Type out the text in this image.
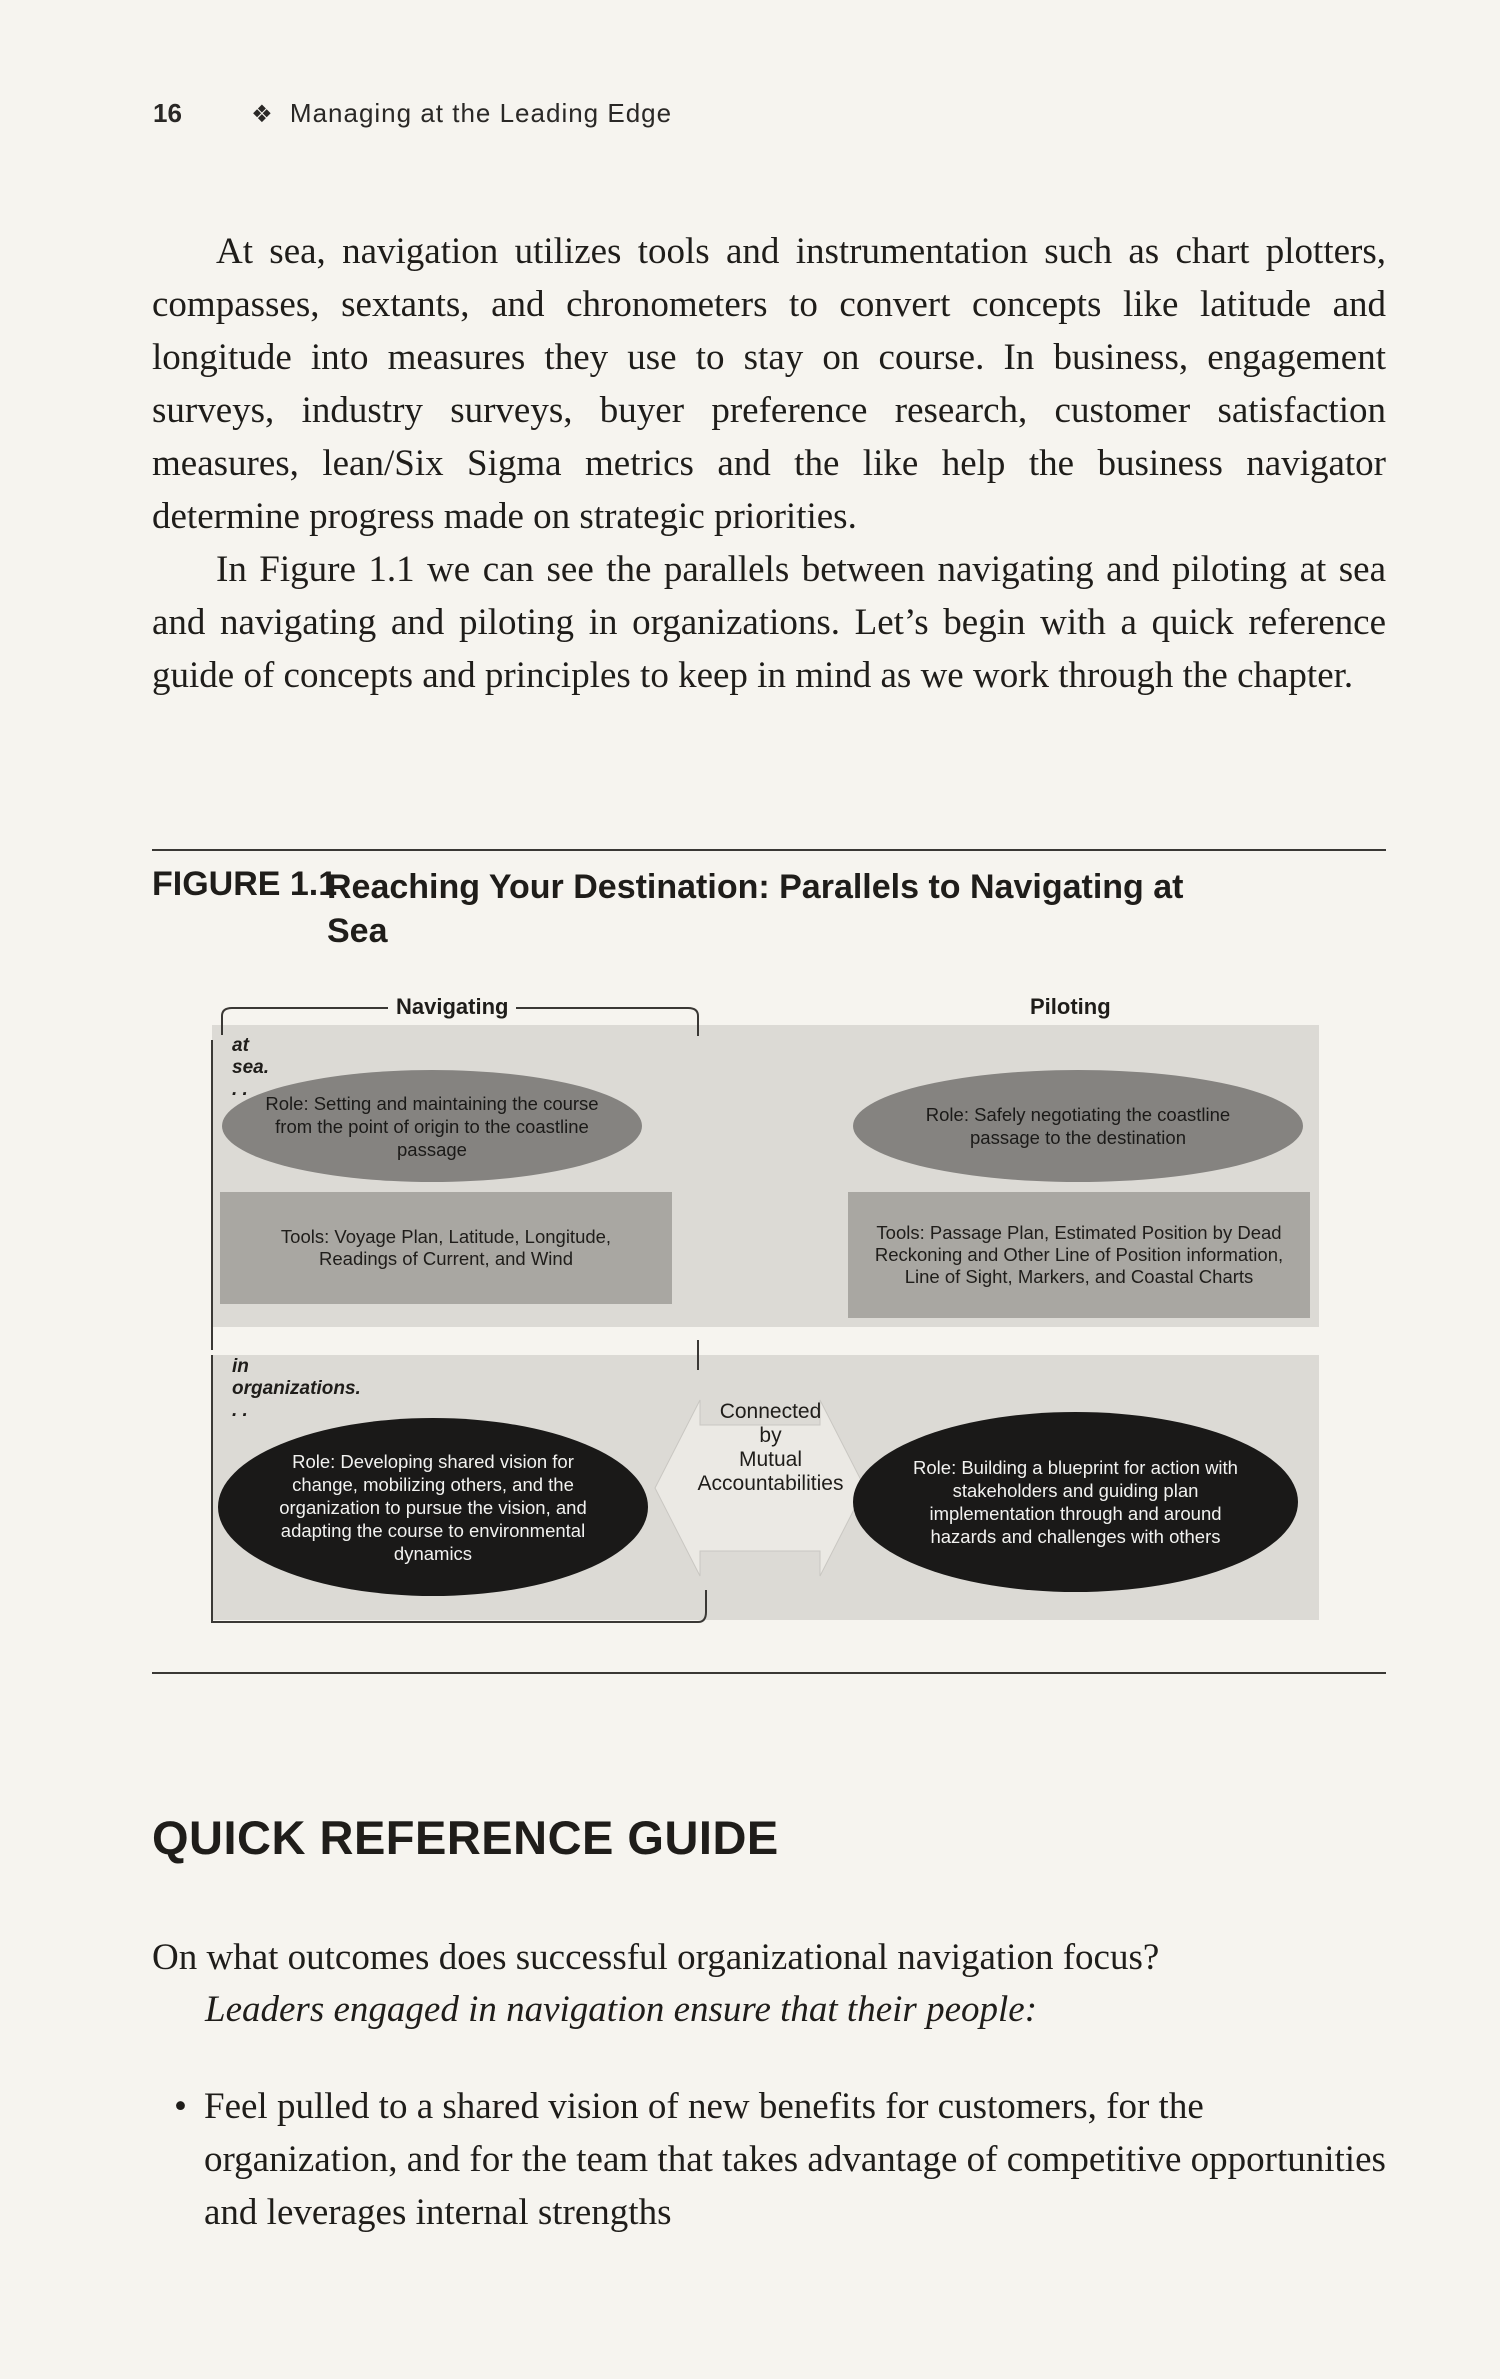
16	❖ Managing at the Leading Edge

At sea, navigation utilizes tools and instrumentation such as chart plotters, compasses, sextants, and chronometers to convert concepts like latitude and longitude into measures they use to stay on course. In business, engagement surveys, industry surveys, buyer preference research, customer satisfaction measures, lean/Six Sigma metrics and the like help the business navigator determine progress made on strategic priorities.

In Figure 1.1 we can see the parallels between navigating and piloting at sea and navigating and piloting in organizations. Let’s begin with a quick reference guide of concepts and principles to keep in mind as we work through the chapter.

FIGURE 1.1
Reaching Your Destination: Parallels to Navigating at Sea
Navigating	Piloting
at sea. . .
in organizations. . .
Role: Setting and maintaining the course from the point of origin to the coastline passage
Tools: Voyage Plan, Latitude, Longitude, Readings of Current, and Wind
Role: Safely negotiating the coastline passage to the destination
Tools: Passage Plan, Estimated Position by Dead Reckoning and Other Line of Position information, Line of Sight, Markers, and Coastal Charts
Role: Developing shared vision for change, mobilizing others, and the organization to pursue the vision, and adapting the course to environmental dynamics
Role: Building a blueprint for action with stakeholders and guiding plan implementation through and around hazards and challenges with others
Connected
by
Mutual
Accountabilities
QUICK REFERENCE GUIDE
On what outcomes does successful organizational navigation focus?
Leaders engaged in navigation ensure that their people:
• Feel pulled to a shared vision of new benefits for customers, for the organization, and for the team that takes advantage of competitive opportunities and leverages internal strengths
